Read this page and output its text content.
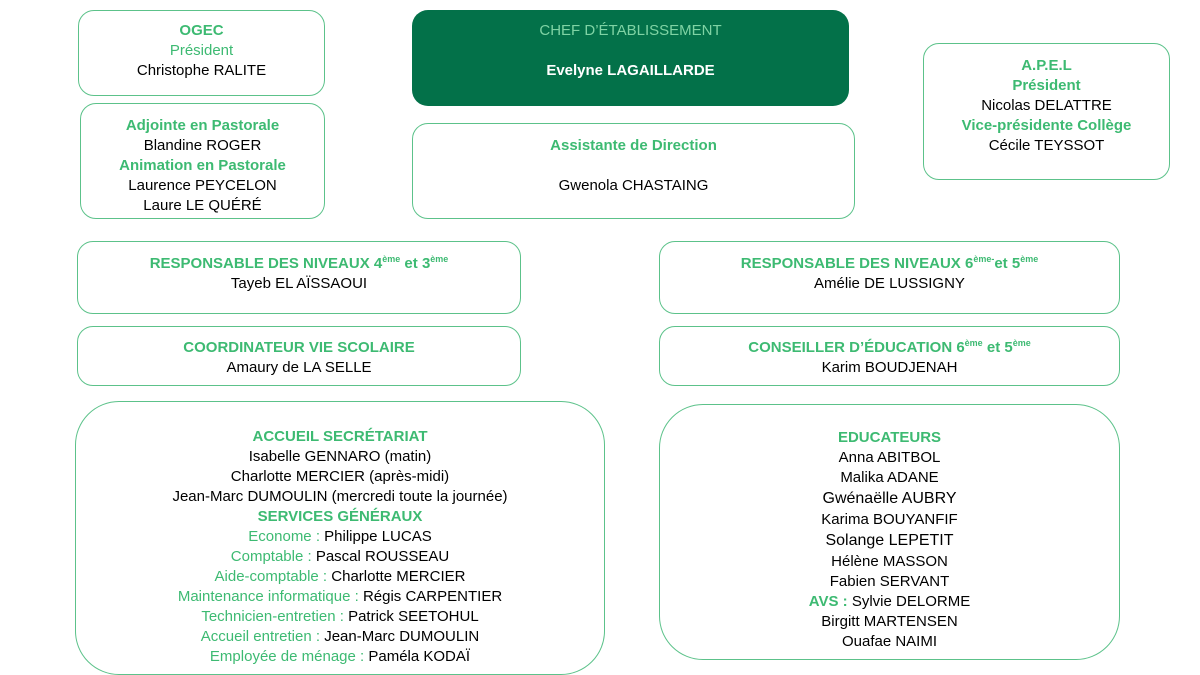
OGEC
Président
Christophe RALITE
CHEF D’ÉTABLISSEMENT
Evelyne LAGAILLARDE	A.P.E.L
Président
Nicolas DELATTRE
Vice-présidente Collège
Cécile TEYSSOT
Adjointe en Pastorale
Blandine ROGER
Animation en Pastorale
Laurence PEYCELON
Laure LE QUÉRÉ
Assistante de Direction
Gwenola CHASTAING
RESPONSABLE DES NIVEAUX 4ème et 3ème
Tayeb EL AÏSSAOUI
RESPONSABLE DES NIVEAUX $6^{ème-}et$ 5ème
Amélie DE LUSSIGNY
COORDINATEUR VIE SCOLAIRE
Amaury de LA SELLE
CONSEILLER D’ÉDUCATION 6ème et 5ème
Karim BOUDJENAH
ACCUEIL SECRÉTARIAT
Isabelle GENNARO (matin)
Charlotte MERCIER (après-midi)
Jean-Marc DUMOULIN (mercredi toute la journée)
SERVICES GÉNÉRAUX
Econome : Philippe LUCAS
Comptable : Pascal ROUSSEAU
Aide-comptable : Charlotte MERCIER
Maintenance informatique : Régis CARPENTIER
Technicien-entretien : Patrick SEETOHUL
Accueil entretien : Jean-Marc DUMOULIN
Employée de ménage : Paméla KODAÏ
EDUCATEURS
Anna ABITBOL
Malika ADANE
Gwénaëlle AUBRY
Karima BOUYANFIF
Solange LEPETIT
Hélène MASSON
Fabien SERVANT
AVS : Sylvie DELORME
Birgitt MARTENSEN
Ouafae NAIMI
